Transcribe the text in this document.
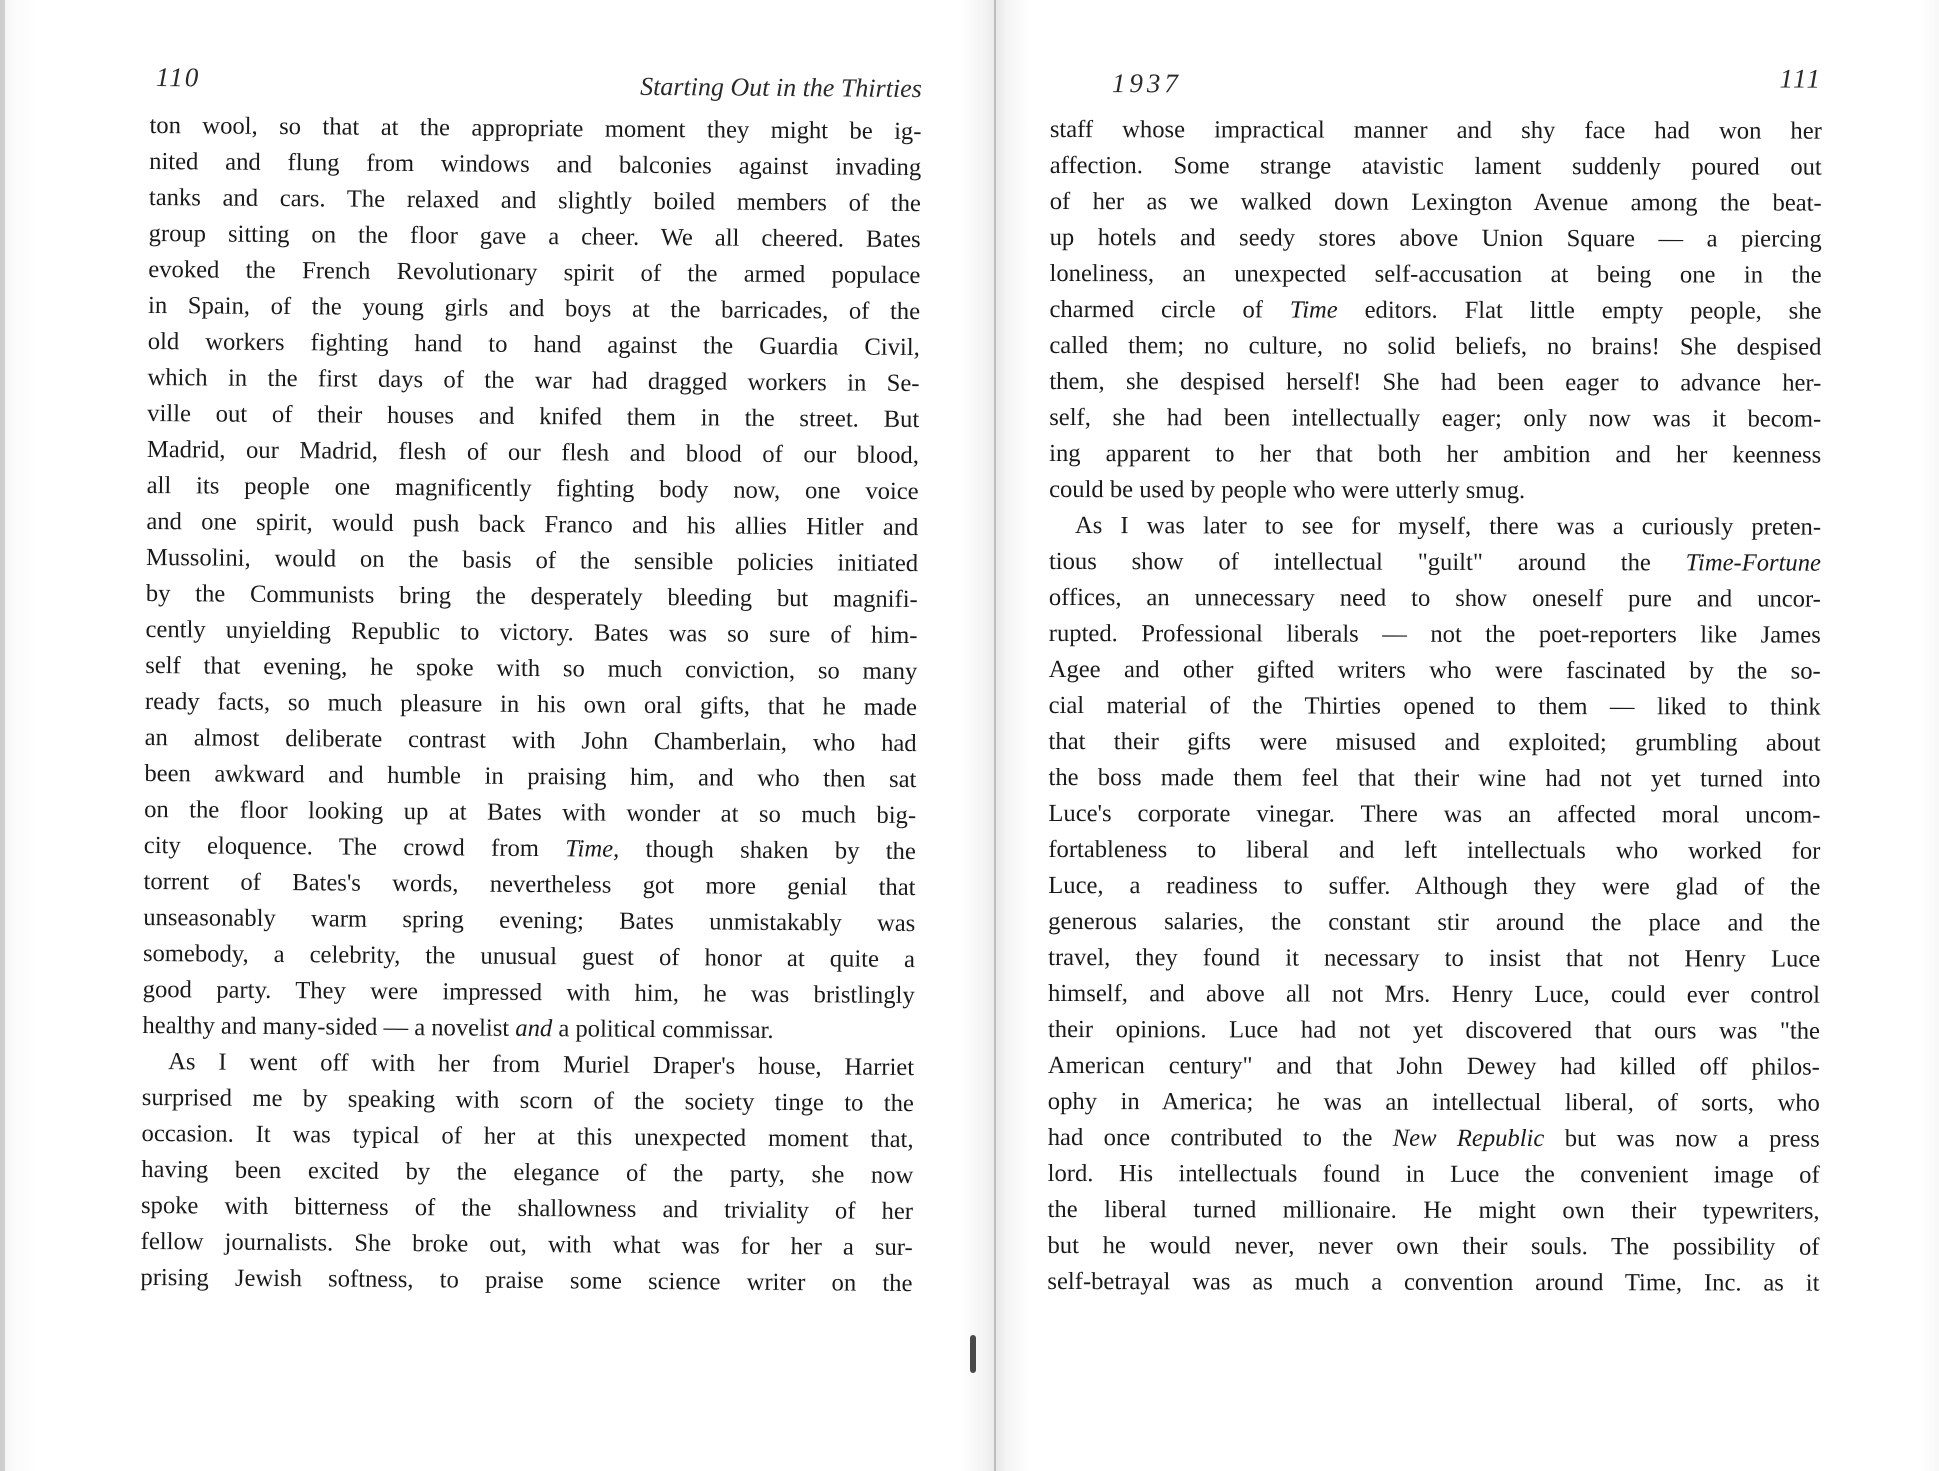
110	Starting Out in the Thirties
ton wool, so that at the appropriate moment they might be ig-
nited and flung from windows and balconies against invading
tanks and cars. The relaxed and slightly boiled members of the
group sitting on the floor gave a cheer. We all cheered. Bates
evoked the French Revolutionary spirit of the armed populace
in Spain, of the young girls and boys at the barricades, of the
old workers fighting hand to hand against the Guardia Civil,
which in the first days of the war had dragged workers in Se-
ville out of their houses and knifed them in the street. But
Madrid, our Madrid, flesh of our flesh and blood of our blood,
all its people one magnificently fighting body now, one voice
and one spirit, would push back Franco and his allies Hitler and
Mussolini, would on the basis of the sensible policies initiated
by the Communists bring the desperately bleeding but magnifi-
cently unyielding Republic to victory. Bates was so sure of him-
self that evening, he spoke with so much conviction, so many
ready facts, so much pleasure in his own oral gifts, that he made
an almost deliberate contrast with John Chamberlain, who had
been awkward and humble in praising him, and who then sat
on the floor looking up at Bates with wonder at so much big-
city eloquence. The crowd from Time, though shaken by the
torrent of Bates's words, nevertheless got more genial that
unseasonably warm spring evening; Bates unmistakably was
somebody, a celebrity, the unusual guest of honor at quite a
good party. They were impressed with him, he was bristlingly
healthy and many-sided — a novelist and a political commissar.
As I went off with her from Muriel Draper's house, Harriet
surprised me by speaking with scorn of the society tinge to the
occasion. It was typical of her at this unexpected moment that,
having been excited by the elegance of the party, she now
spoke with bitterness of the shallowness and triviality of her
fellow journalists. She broke out, with what was for her a sur-
prising Jewish softness, to praise some science writer on the
1937	111
staff whose impractical manner and shy face had won her
affection. Some strange atavistic lament suddenly poured out
of her as we walked down Lexington Avenue among the beat-
up hotels and seedy stores above Union Square — a piercing
loneliness, an unexpected self-accusation at being one in the
charmed circle of Time editors. Flat little empty people, she
called them; no culture, no solid beliefs, no brains! She despised
them, she despised herself! She had been eager to advance her-
self, she had been intellectually eager; only now was it becom-
ing apparent to her that both her ambition and her keenness
could be used by people who were utterly smug.
As I was later to see for myself, there was a curiously preten-
tious show of intellectual "guilt" around the Time-Fortune
offices, an unnecessary need to show oneself pure and uncor-
rupted. Professional liberals — not the poet-reporters like James
Agee and other gifted writers who were fascinated by the so-
cial material of the Thirties opened to them — liked to think
that their gifts were misused and exploited; grumbling about
the boss made them feel that their wine had not yet turned into
Luce's corporate vinegar. There was an affected moral uncom-
fortableness to liberal and left intellectuals who worked for
Luce, a readiness to suffer. Although they were glad of the
generous salaries, the constant stir around the place and the
travel, they found it necessary to insist that not Henry Luce
himself, and above all not Mrs. Henry Luce, could ever control
their opinions. Luce had not yet discovered that ours was "the
American century" and that John Dewey had killed off philos-
ophy in America; he was an intellectual liberal, of sorts, who
had once contributed to the New Republic but was now a press
lord. His intellectuals found in Luce the convenient image of
the liberal turned millionaire. He might own their typewriters,
but he would never, never own their souls. The possibility of
self-betrayal was as much a convention around Time, Inc. as it
